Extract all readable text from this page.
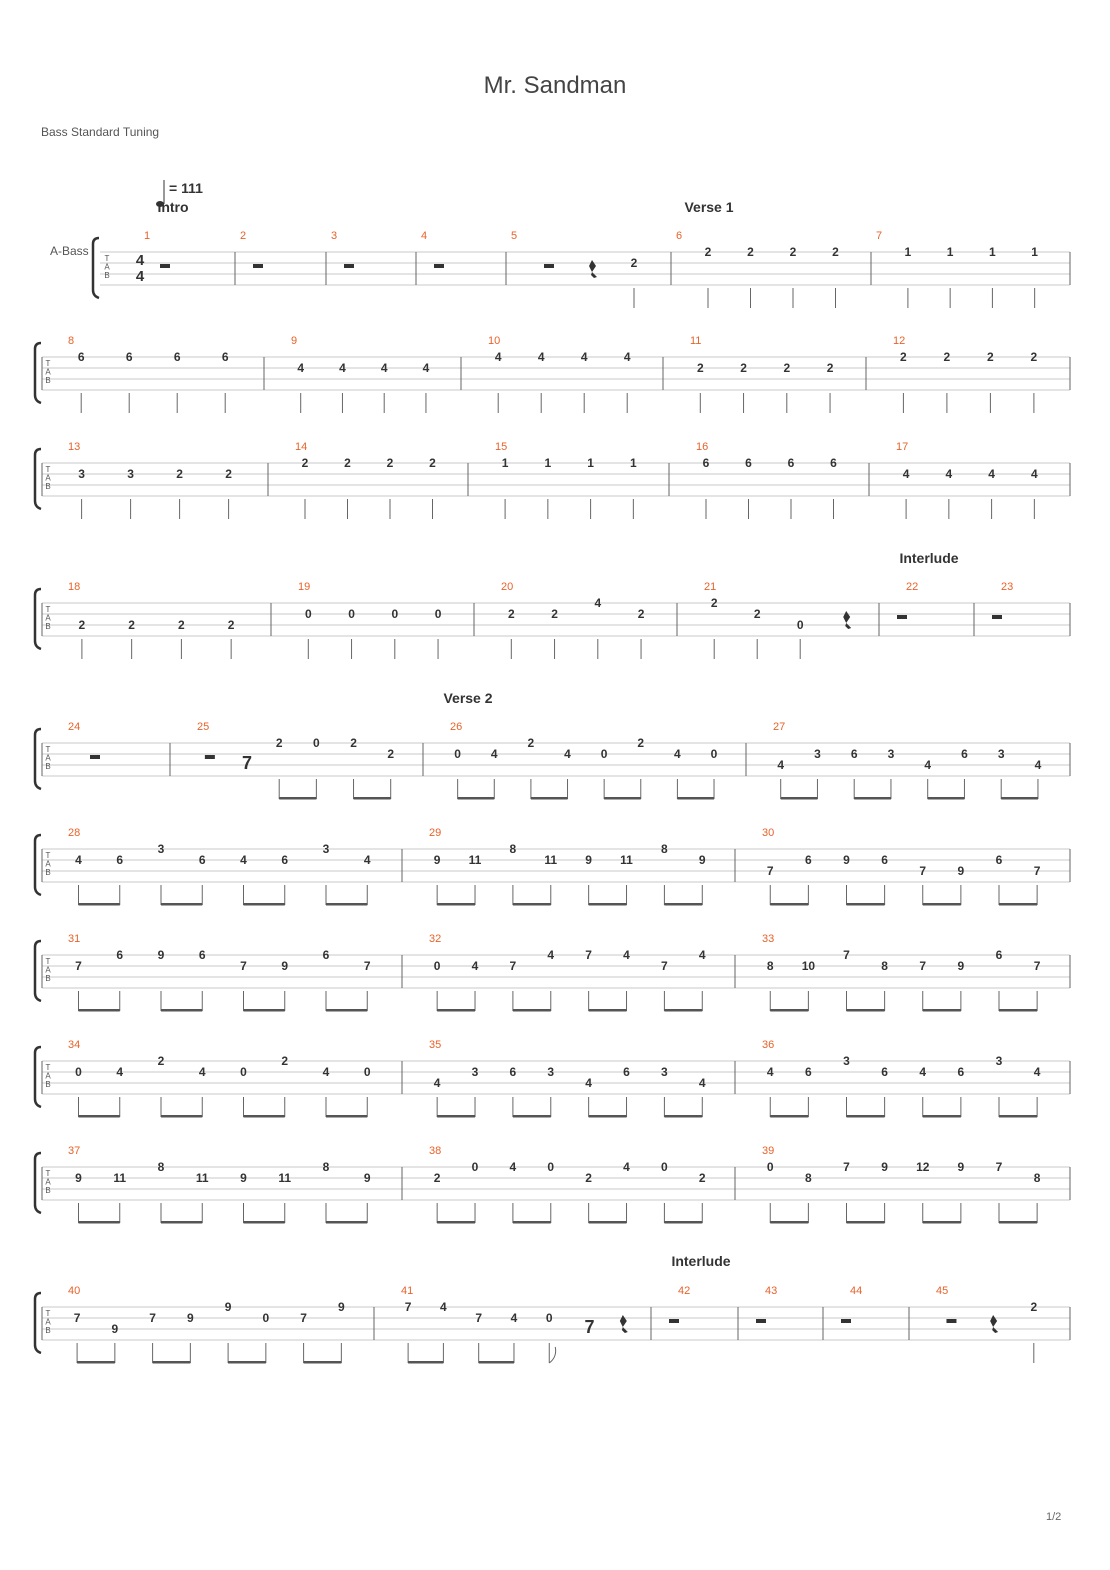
Mr. Sandman
Bass Standard Tuning
1/2
= 111
A-Bass
Intro	Verse 1
Interlude
Verse 2
Interlude
T
A
B
4
4
1	2	3	4	5
2
6
2	2	2	2
7
1	1	1	1
T
A
B
8
6	6	6	6
9
4	4	4	4
10
4	4	4	4
11
2	2	2	2
12
2	2	2	2
T
A
B
13
3	3	2	2
14
2	2	2	2
15
1	1	1	1
16
6	6	6	6
17
4	4	4	4
T
A
B
18
2	2	2	2
19
0	0	0	0
20
2	2
4
2
21
2
2
0
22	23
T
A
B
24	25
7
2	0	2
2
26
0 4
2
4 0
2
4 0
27
4
3	6	3
4
6	3
4
T
A
B
28
4	6
3
6	4	6
3
4
29
9 11
8
11 9 11
8
9
30
7
6	9	6
7	9
6
7
T
A
B
31
7
6	9	6
7	9
6
7
32
0	4	7
4	7	4
7
4
33
8 10
7
8	7	9
6
7
T
A
B
34
0	4
2
4	0
2
4	0
35
4
3	6	3
4
6	3
4
36
4	6
3
6	4	6
3
4
T
A
B
37
9	11
8
11	9	11
8
9
38
2
0	4	0
2
4	0
2
39
0
8
7	9 12 9	7
8
T
A
B
40
7
9
7	9
9
0	7
9
41
7 4
7 4 0 7
42	43	44	45
2
